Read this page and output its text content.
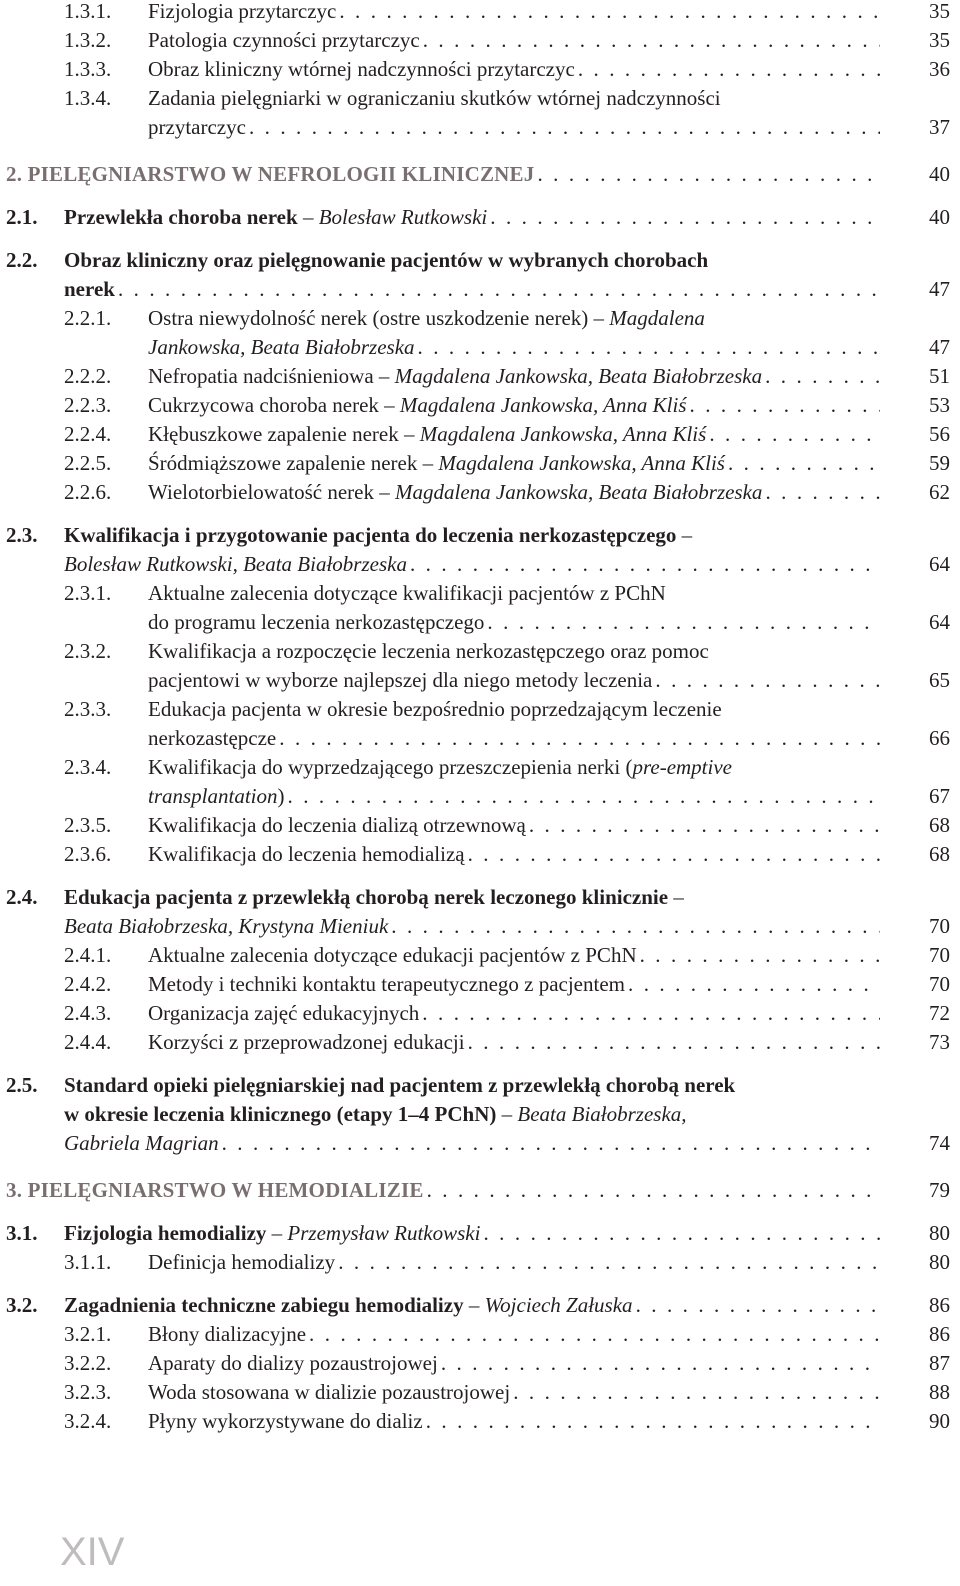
1.3.1. Fizjologia przytarczyc . . .	35
1.3.2. Patologia czynności przytarczyc . . .	35
1.3.3. Obraz kliniczny wtórnej nadczynności przytarczyc . . .	36
1.3.4. Zadania pielęgniarki w ograniczaniu skutków wtórnej nadczynności
przytarczyc . . .	37
2. PIELĘGNIARSTWO W NEFROLOGII KLINICZNEJ . . .	40
2.1. Przewlekła choroba nerek – Bolesław Rutkowski . . .	40
2.2. Obraz kliniczny oraz pielęgnowanie pacjentów w wybranych chorobach
nerek . . .	47
2.2.1. Ostra niewydolność nerek (ostre uszkodzenie nerek) – Magdalena
Jankowska, Beata Białobrzeska . . .	47
2.2.2. Nefropatia nadciśnieniowa – Magdalena Jankowska, Beata Białobrzeska . . .	51
2.2.3. Cukrzycowa choroba nerek – Magdalena Jankowska, Anna Kliś . . .	53
2.2.4. Kłębuszkowe zapalenie nerek – Magdalena Jankowska, Anna Kliś . . .	56
2.2.5. Śródmiąższowe zapalenie nerek – Magdalena Jankowska, Anna Kliś . . .	59
2.2.6. Wielotorbielowatość nerek – Magdalena Jankowska, Beata Białobrzeska . . .	62
2.3. Kwalifikacja i przygotowanie pacjenta do leczenia nerkozastępczego –
Bolesław Rutkowski, Beata Białobrzeska . . .	64
2.3.1. Aktualne zalecenia dotyczące kwalifikacji pacjentów z PChN
do programu leczenia nerkozastępczego . . .	64
2.3.2. Kwalifikacja a rozpoczęcie leczenia nerkozastępczego oraz pomoc
pacjentowi w wyborze najlepszej dla niego metody leczenia . . .	65
2.3.3. Edukacja pacjenta w okresie bezpośrednio poprzedzającym leczenie
nerkozastępcze . . .	66
2.3.4. Kwalifikacja do wyprzedzającego przeszczepienia nerki (pre-emptive
transplantation) . . .	67
2.3.5. Kwalifikacja do leczenia dializą otrzewnową . . .	68
2.3.6. Kwalifikacja do leczenia hemodializą . . .	68
2.4. Edukacja pacjenta z przewlekłą chorobą nerek leczonego klinicznie –
Beata Białobrzeska, Krystyna Mieniuk . . .	70
2.4.1. Aktualne zalecenia dotyczące edukacji pacjentów z PChN . . .	70
2.4.2. Metody i techniki kontaktu terapeutycznego z pacjentem . . .	70
2.4.3. Organizacja zajęć edukacyjnych . . .	72
2.4.4. Korzyści z przeprowadzonej edukacji . . .	73
2.5. Standard opieki pielęgniarskiej nad pacjentem z przewlekłą chorobą nerek
w okresie leczenia klinicznego (etapy 1–4 PChN) – Beata Białobrzeska,
Gabriela Magrian . . .	74
3. PIELĘGNIARSTWO W HEMODIALIZIE . . .	79
3.1. Fizjologia hemodializy – Przemysław Rutkowski . . .	80
3.1.1. Definicja hemodializy . . .	80
3.2. Zagadnienia techniczne zabiegu hemodializy – Wojciech Załuska . . .	86
3.2.1. Błony dializacyjne . . .	86
3.2.2. Aparaty do dializy pozaustrojowej . . .	87
3.2.3. Woda stosowana w dializie pozaustrojowej . . .	88
3.2.4. Płyny wykorzystywane do dializ . . .	90
XIV
